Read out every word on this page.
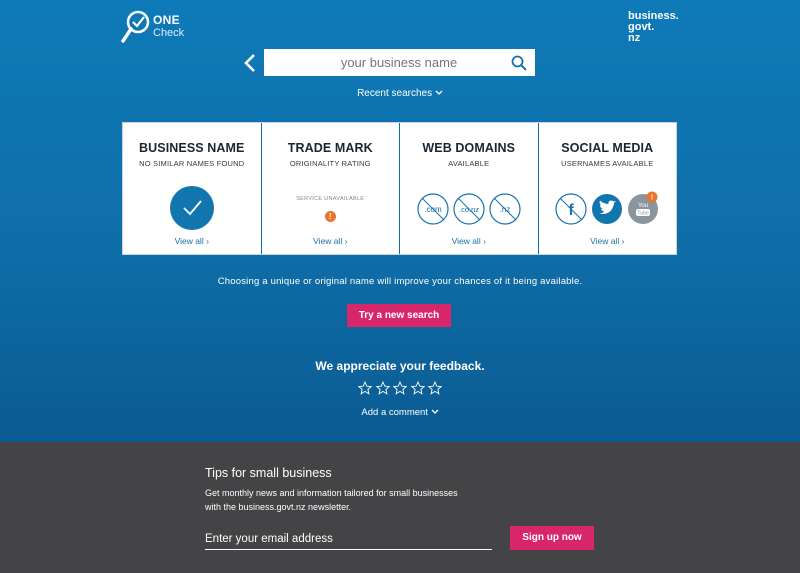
ONE
Check
business.
govt.
nz
your business name
Recent searches
BUSINESS NAME
NO SIMILAR NAMES FOUND
View all ›
TRADE MARK
ORIGINALITY RATING
SERVICE UNAVAILABLE
!
View all ›
WEB DOMAINS
AVAILABLE
.com .co.nz	.nz
View all ›
SOCIAL MEDIA
USERNAMES AVAILABLE
f	You
Tube
!
View all ›
Choosing a unique or original name will improve your chances of it being available.
Try a new search
We appreciate your feedback.
Add a comment
Tips for small business
Get monthly news and information tailored for small businesses with the business.govt.nz newsletter.
Enter your email address
Sign up now
